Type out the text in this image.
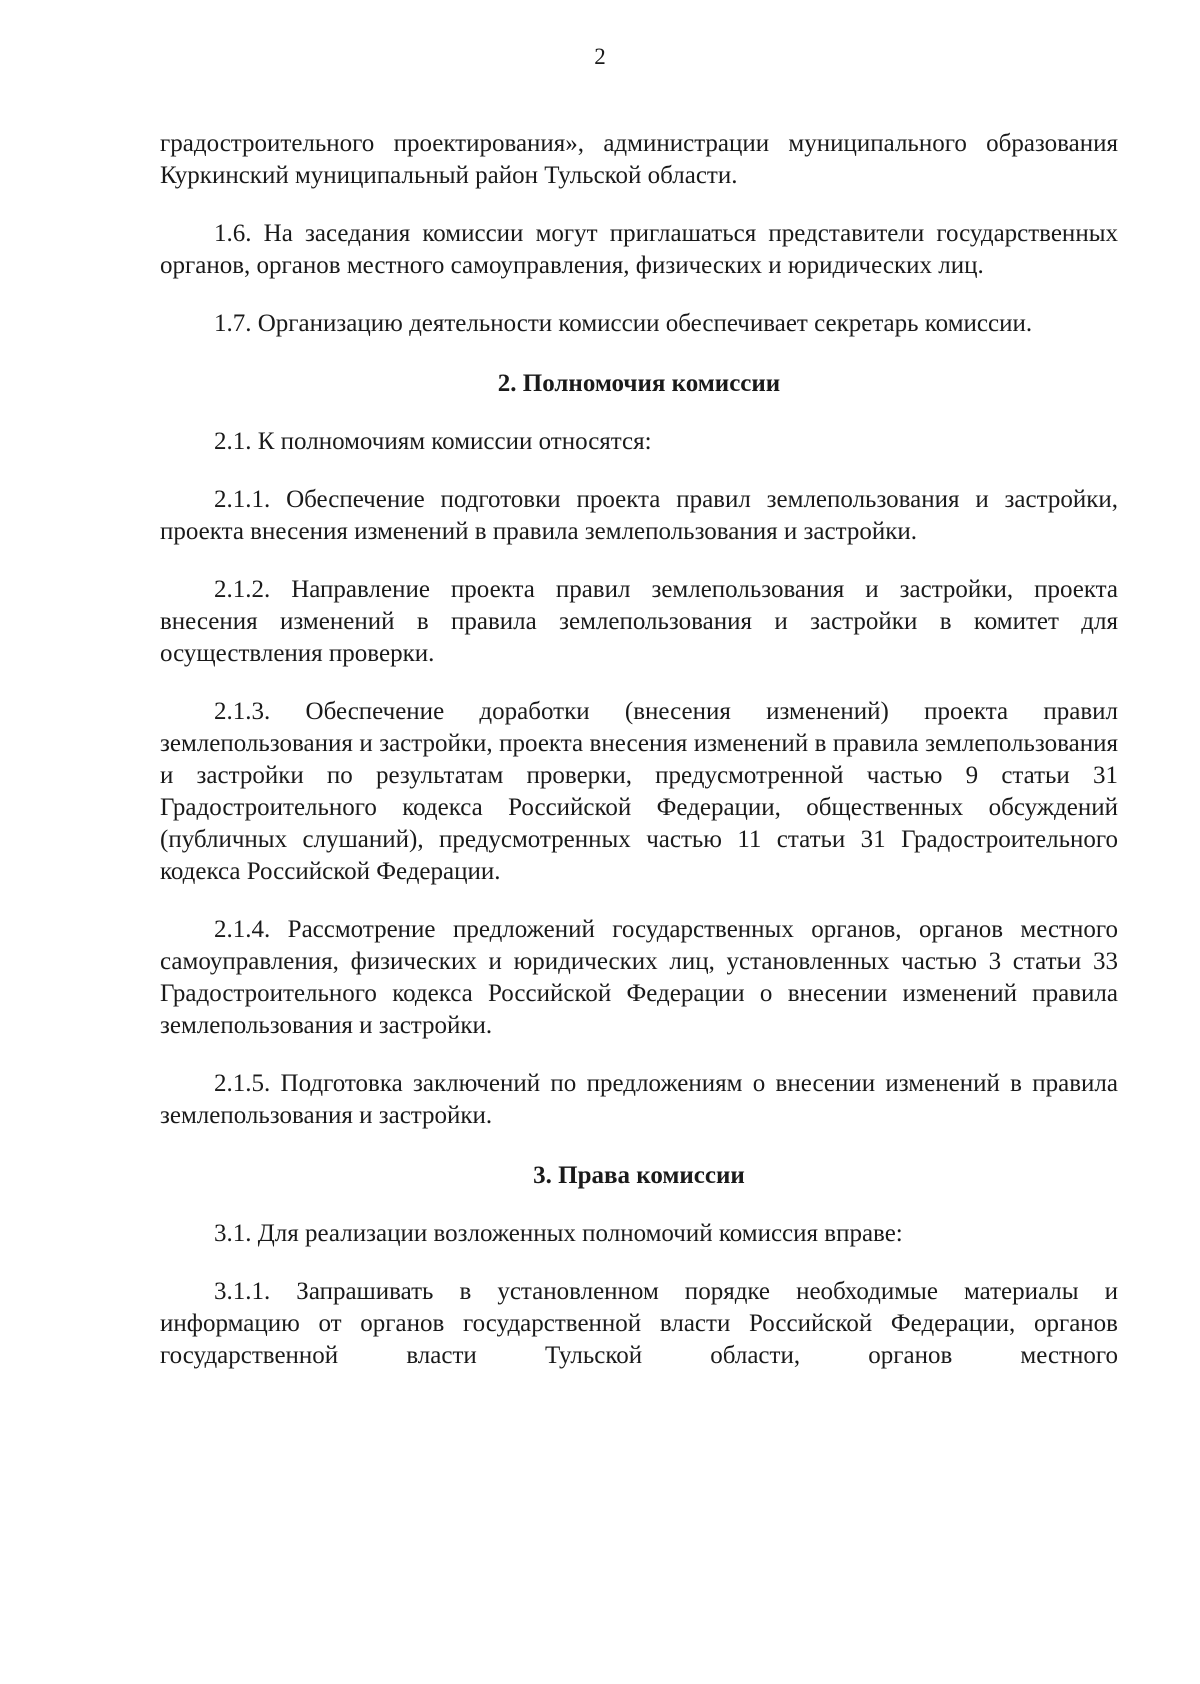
2

градостроительного проектирования», администрации муниципального образования Куркинский муниципальный район Тульской области.

1.6. На заседания комиссии могут приглашаться представители государственных органов, органов местного самоуправления, физических и юридических лиц.

1.7. Организацию деятельности комиссии обеспечивает секретарь комиссии.

2. Полномочия комиссии

2.1. К полномочиям комиссии относятся:

2.1.1. Обеспечение подготовки проекта правил землепользования и застройки, проекта внесения изменений в правила землепользования и застройки.

2.1.2. Направление проекта правил землепользования и застройки, проекта внесения изменений в правила землепользования и застройки в комитет для осуществления проверки.

2.1.3. Обеспечение доработки (внесения изменений) проекта правил землепользования и застройки, проекта внесения изменений в правила землепользования и застройки по результатам проверки, предусмотренной частью 9 статьи 31 Градостроительного кодекса Российской Федерации, общественных обсуждений (публичных слушаний), предусмотренных частью 11 статьи 31 Градостроительного кодекса Российской Федерации.

2.1.4. Рассмотрение предложений государственных органов, органов местного самоуправления, физических и юридических лиц, установленных частью 3 статьи 33 Градостроительного кодекса Российской Федерации о внесении изменений правила землепользования и застройки.

2.1.5. Подготовка заключений по предложениям о внесении изменений в правила землепользования и застройки.

3. Права комиссии

3.1. Для реализации возложенных полномочий комиссия вправе:

3.1.1. Запрашивать в установленном порядке необходимые материалы и информацию от органов государственной власти Российской Федерации, органов государственной власти Тульской области, органов местного
